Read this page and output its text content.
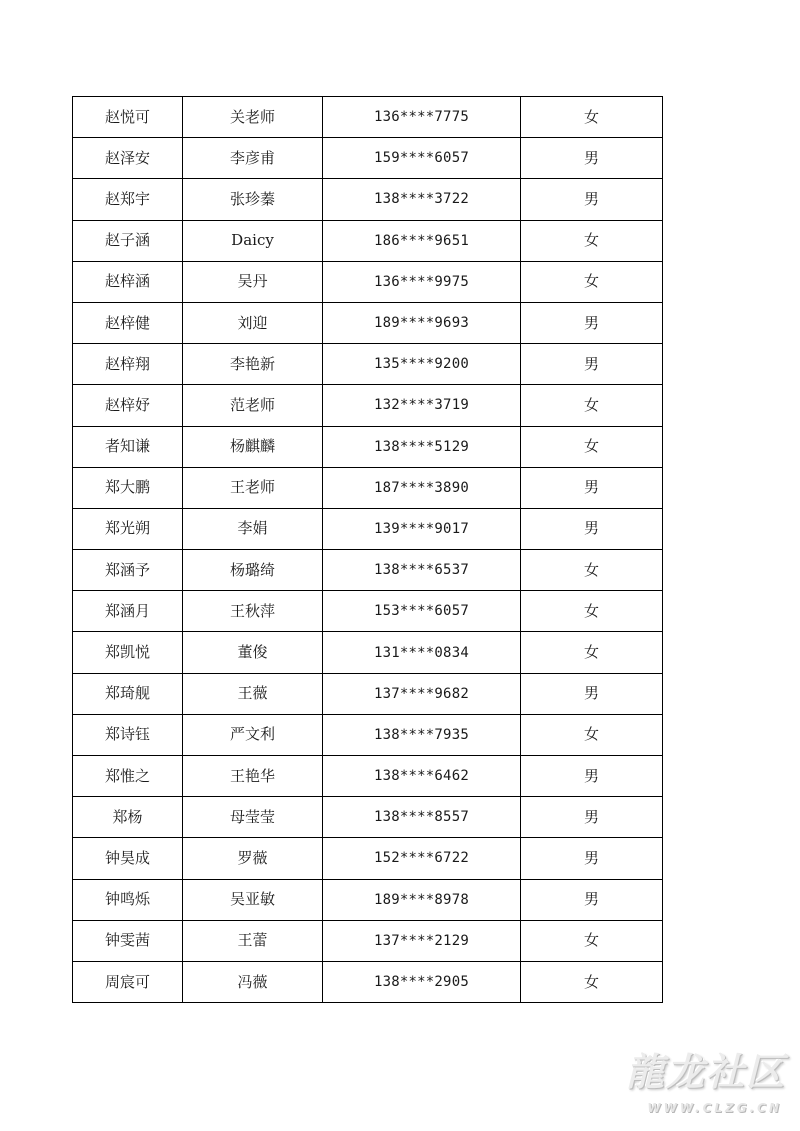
赵悦可	关老师	136****7775	女
赵泽安	李彦甫	159****6057	男
赵郑宇	张珍蓁	138****3722	男
赵子涵	Daicy	186****9651	女
赵梓涵	吴丹	136****9975	女
赵梓健	刘迎	189****9693	男
赵梓翔	李艳新	135****9200	男
赵梓妤	范老师	132****3719	女
者知谦	杨麒麟	138****5129	女
郑大鹏	王老师	187****3890	男
郑光朔	李娟	139****9017	男
郑涵予	杨璐绮	138****6537	女
郑涵月	王秋萍	153****6057	女
郑凯悦	董俊	131****0834	女
郑琦舰	王薇	137****9682	男
郑诗钰	严文利	138****7935	女
郑惟之	王艳华	138****6462	男
郑杨	母莹莹	138****8557	男
钟昊成	罗薇	152****6722	男
钟鸣烁	吴亚敏	189****8978	男
钟雯茜	王蕾	137****2129	女
周宸可	冯薇	138****2905	女
龍龙社区
WWW.CLZG.CN
